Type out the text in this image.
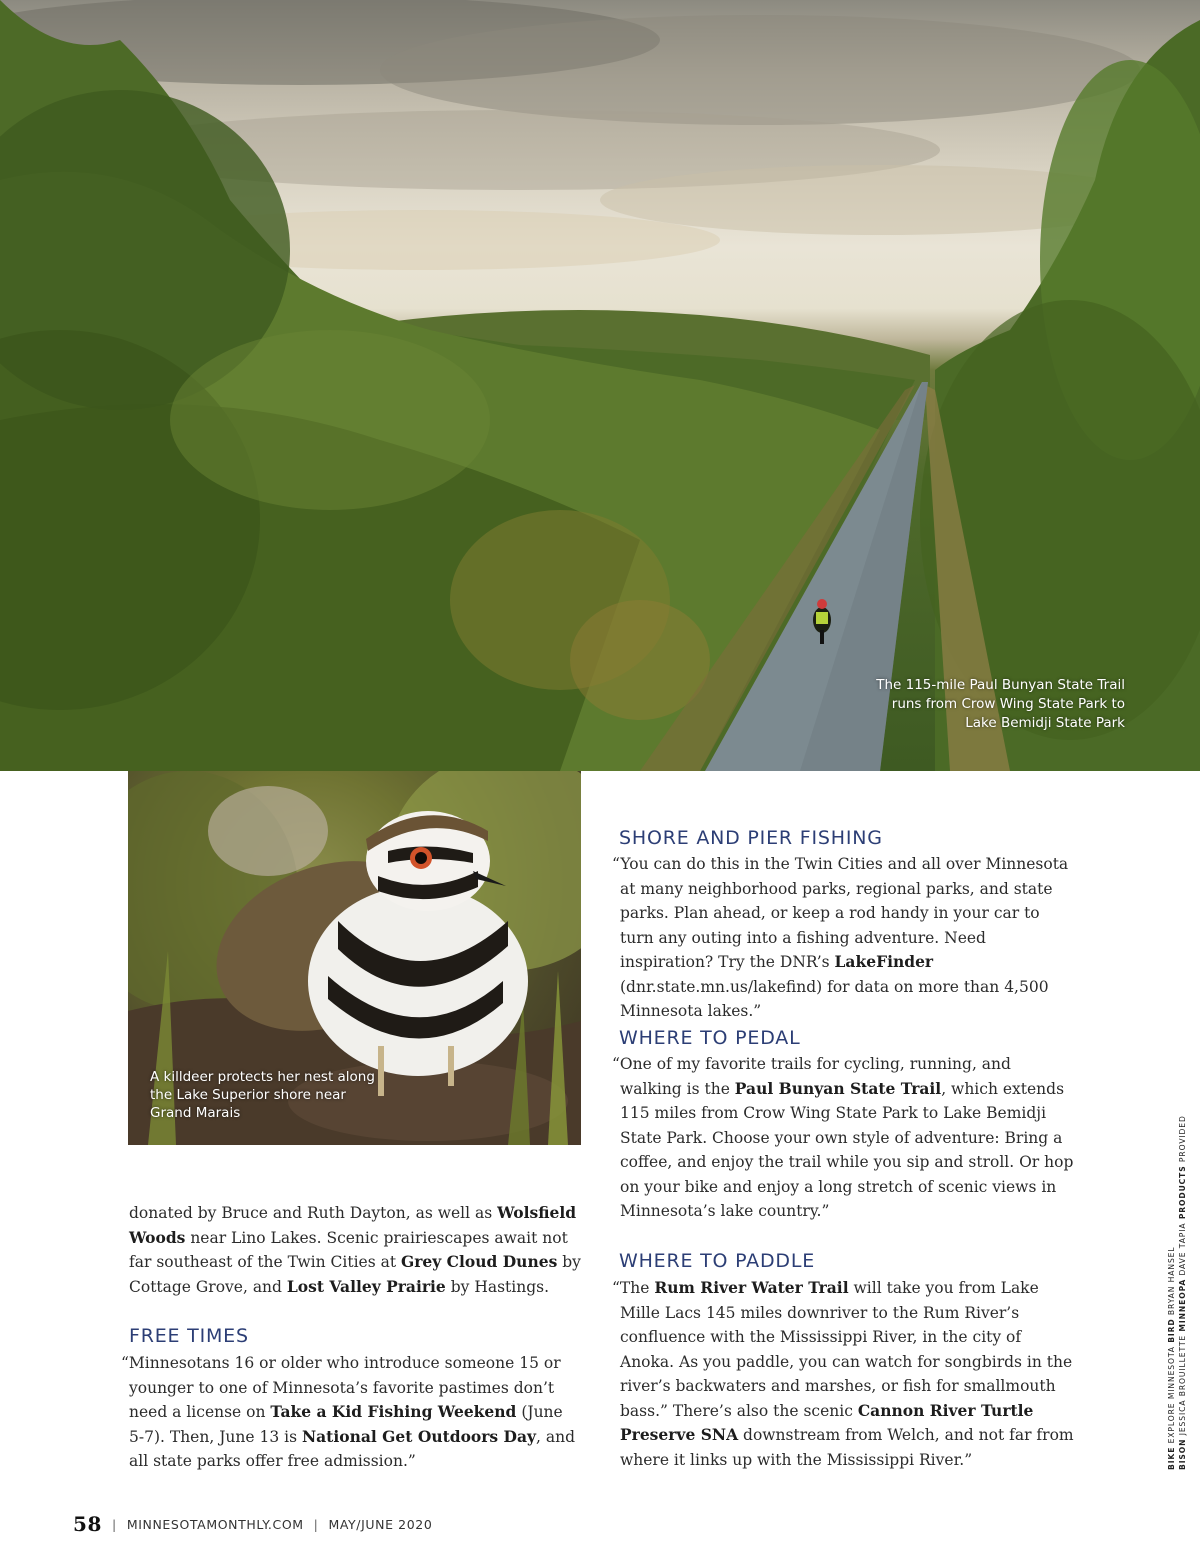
The 115-mile Paul Bunyan State Trail runs from Crow Wing State Park to Lake Bemidji State Park
A killdeer protects her nest along the Lake Superior shore near Grand Marais
donated by Bruce and Ruth Dayton, as well as Wolsfield Woods near Lino Lakes. Scenic prairiescapes await not far southeast of the Twin Cities at Grey Cloud Dunes by Cottage Grove, and Lost Valley Prairie by Hastings.
FREE TIMES
“Minnesotans 16 or older who introduce someone 15 or younger to one of Minnesota’s favorite pastimes don’t need a license on Take a Kid Fishing Weekend (June 5-7). Then, June 13 is National Get Outdoors Day, and all state parks offer free admission.”
SHORE AND PIER FISHING
“You can do this in the Twin Cities and all over Minnesota at many neighborhood parks, regional parks, and state parks. Plan ahead, or keep a rod handy in your car to turn any outing into a fishing adventure. Need inspiration? Try the DNR’s LakeFinder (dnr.state.mn.us/lakefind) for data on more than 4,500 Minnesota lakes.”
WHERE TO PEDAL
“One of my favorite trails for cycling, running, and walking is the Paul Bunyan State Trail, which extends 115 miles from Crow Wing State Park to Lake Bemidji State Park. Choose your own style of adventure: Bring a coffee, and enjoy the trail while you sip and stroll. Or hop on your bike and enjoy a long stretch of scenic views in Minnesota’s lake country.”
WHERE TO PADDLE
“The Rum River Water Trail will take you from Lake Mille Lacs 145 miles downriver to the Rum River’s confluence with the Mississippi River, in the city of Anoka. As you paddle, you can watch for songbirds in the river’s backwaters and marshes, or fish for smallmouth bass.” There’s also the scenic Cannon River Turtle Preserve SNA downstream from Welch, and not far from where it links up with the Mississippi River.”	BIKE EXPLORE MINNESOTA BIRD BRYAN HANSEL
BISON JESSICA BROUILLETTE MINNEOPA DAVE TAPIA PRODUCTS PROVIDED
58 | MINNESOTAMONTHLY.COM | MAY/JUNE 2020
